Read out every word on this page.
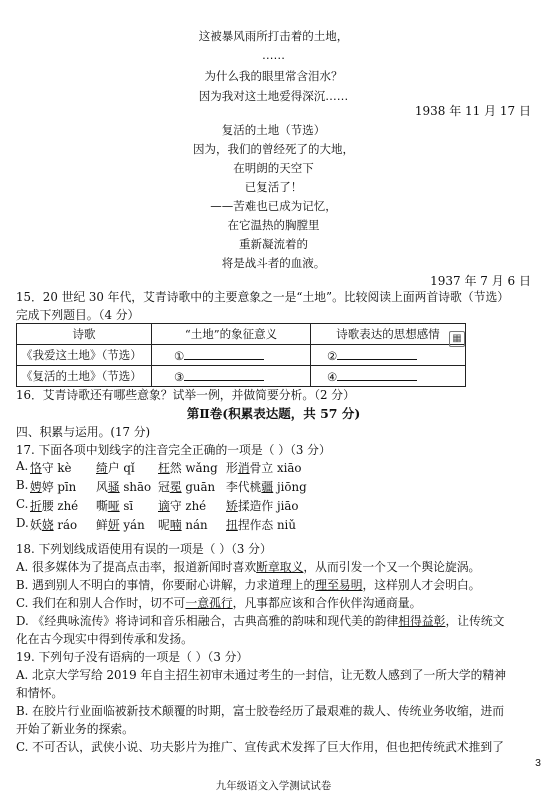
这被暴风雨所打击着的土地，
……
为什么我的眼里常含泪水？
因为我对这土地爱得深沉……
1938 年 11 月 17 日
复活的土地（节选）
因为，我们的曾经死了的大地，
在明朗的天空下
已复活了！
——苦难也已成为记忆，
在它温热的胸膛里
重新凝流着的
将是战斗者的血液。
1937 年 7 月 6 日
15．20 世纪 30 年代，艾青诗歌中的主要意象之一是“土地”。比较阅读上面两首诗歌（节选）
完成下列题目。（4 分）
诗歌	“土地”的象征意义	诗歌表达的思想感情
《我爱这土地》（节选）	①	②
《复活的土地》（节选）	③	④
▦
16．艾青诗歌还有哪些意象？试举一例，并做简要分析。（2 分）
第Ⅱ卷(积累表达题，共 57 分)
四、积累与运用。(17 分)
17. 下面各项中划线字的注音完全正确的一项是（ ）（3 分）
A. 恪守 kè 绮户 qǐ 枉然 wǎng 形消骨立 xiāo
B. 娉婷 pīn 风骚 shāo 冠冕 guān 李代桃疆 jiōng
C. 折腰 zhé 嘶哑 sī 谪守 zhé 矫揉造作 jiāo
D. 妖娆 ráo 鲜妍 yán 呢喃 nán 扭捏作态 niǔ
18. 下列划线成语使用有误的一项是（ ）（3 分）
A. 很多媒体为了提高点击率，报道新闻时喜欢断章取义，从而引发一个又一个舆论旋涡。
B. 遇到别人不明白的事情，你要耐心讲解，力求道理上的理至易明，这样别人才会明白。
C. 我们在和别人合作时，切不可一意孤行，凡事都应该和合作伙伴沟通商量。
D. 《经典咏流传》将诗词和音乐相融合，古典高雅的韵味和现代美的韵律相得益彰，让传统文
化在古今现实中得到传承和发扬。
19. 下列句子没有语病的一项是（ ）（3 分）
A. 北京大学写给 2019 年自主招生初审未通过考生的一封信，让无数人感到了一所大学的精神
和情怀。
B. 在胶片行业面临被新技术颠覆的时期，富士胶卷经历了最艰难的裁人、传统业务收缩，进而
开始了新业务的探索。
C. 不可否认，武侠小说、功夫影片为推广、宣传武术发挥了巨大作用，但也把传统武术推到了
九年级语文入学测试试卷
3
